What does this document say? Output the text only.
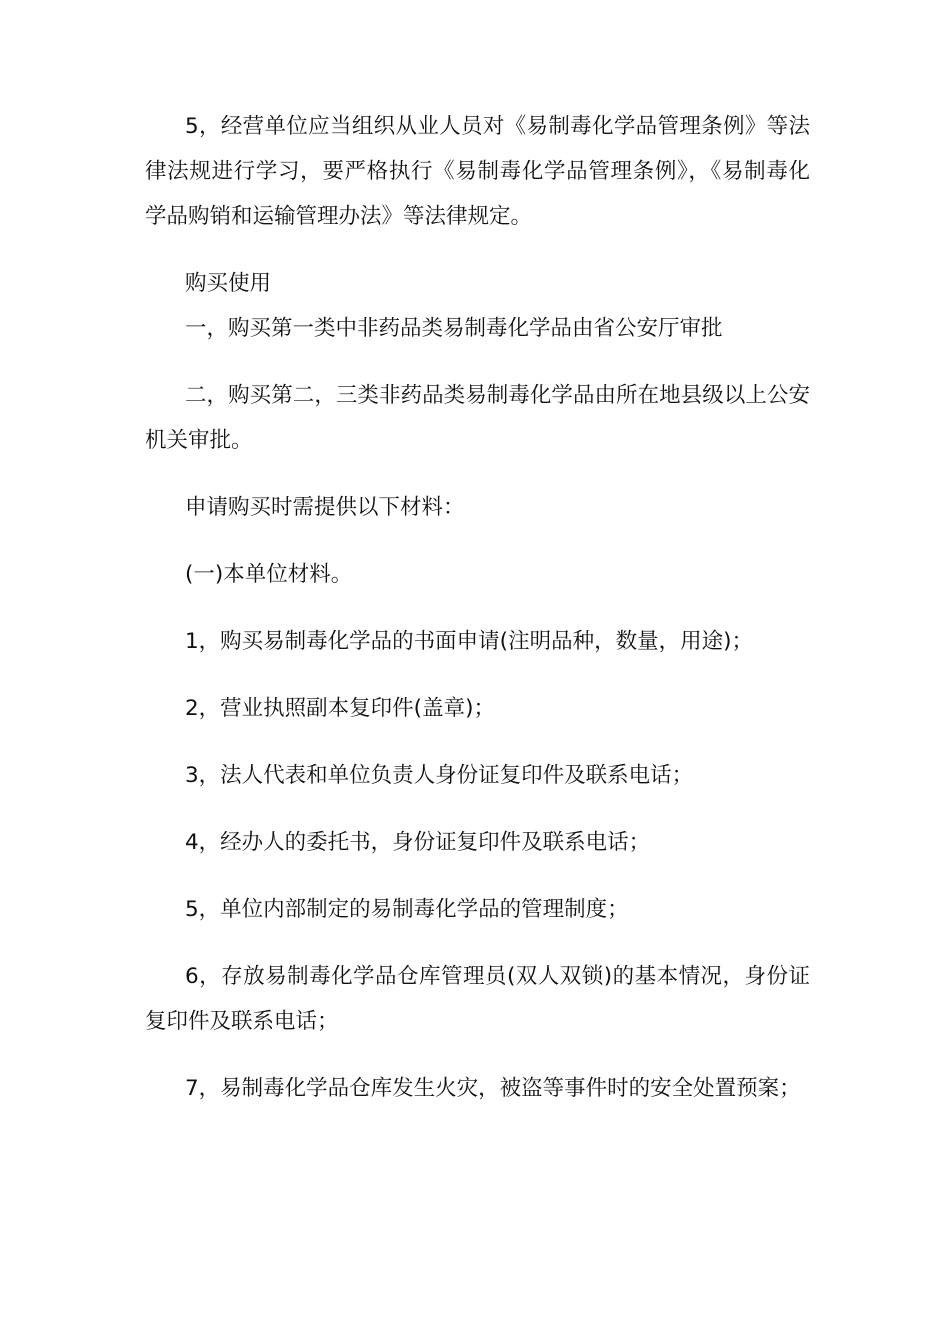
5，经营单位应当组织从业人员对《易制毒化学品管理条例》等法律法规进行学习，要严格执行《易制毒化学品管理条例》，《易制毒化学品购销和运输管理办法》等法律规定。

购买使用

一，购买第一类中非药品类易制毒化学品由省公安厅审批

二，购买第二，三类非药品类易制毒化学品由所在地县级以上公安机关审批。

申请购买时需提供以下材料：

(一)本单位材料。

1，购买易制毒化学品的书面申请(注明品种，数量，用途)；

2，营业执照副本复印件(盖章)；

3，法人代表和单位负责人身份证复印件及联系电话；

4，经办人的委托书，身份证复印件及联系电话；

5，单位内部制定的易制毒化学品的管理制度；

6，存放易制毒化学品仓库管理员(双人双锁)的基本情况，身份证复印件及联系电话；

7，易制毒化学品仓库发生火灾，被盗等事件时的安全处置预案；
